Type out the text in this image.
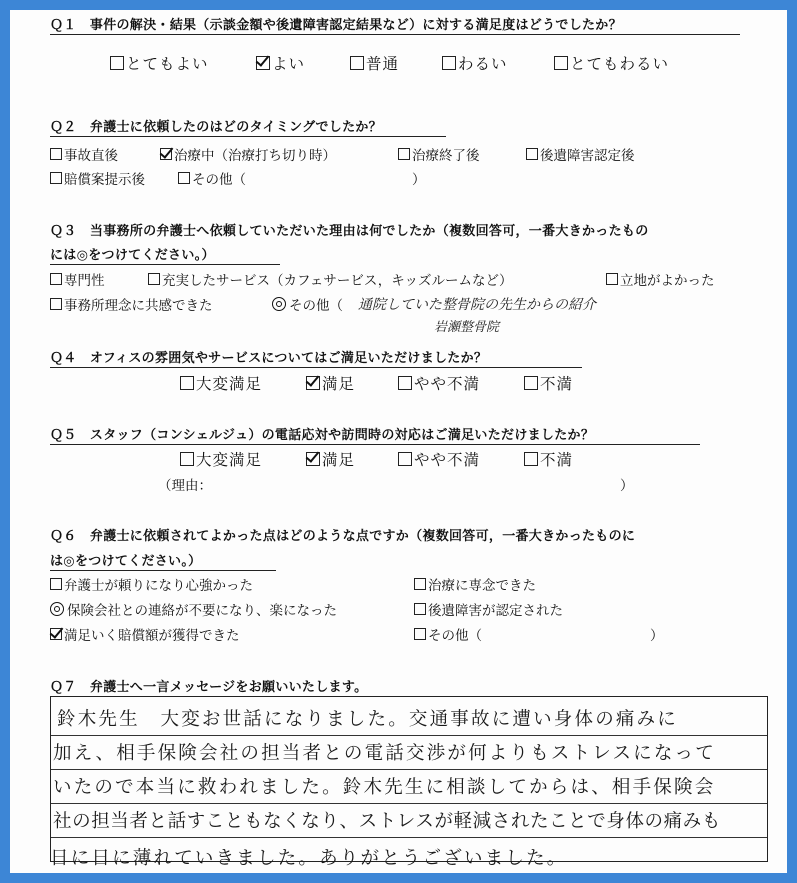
Ｑ１　事件の解決・結果（示談金額や後遺障害認定結果など）に対する満足度はどうでしたか？
とてもよい	よい	普通	わるい	とてもわるい
Ｑ２　弁護士に依頼したのはどのタイミングでしたか？
事故直後	治療中（治療打ち切り時）	治療終了後	後遺障害認定後
賠償案提示後	その他（	）
Ｑ３　当事務所の弁護士へ依頼していただいた理由は何でしたか（複数回答可，一番大きかったもの
には◎をつけてください。）
専門性	充実したサービス（カフェサービス，キッズルームなど）	立地がよかった
事務所理念に共感できた	その他（ 通院していた整骨院の先生からの紹介
岩瀬整骨院
Ｑ４　オフィスの雰囲気やサービスについてはご満足いただけましたか？
大変満足	満足	やや不満	不満
Ｑ５　スタッフ（コンシェルジュ）の電話応対や訪問時の対応はご満足いただけましたか？
大変満足	満足	やや不満	不満
（理由：	）
Ｑ６　弁護士に依頼されてよかった点はどのような点ですか（複数回答可，一番大きかったものに
は◎をつけてください。）
弁護士が頼りになり心強かった	治療に専念できた
保険会社との連絡が不要になり、楽になった	後遺障害が認定された
満足いく賠償額が獲得できた	その他（	）
Ｑ７　弁護士へ一言メッセージをお願いいたします。
鈴木先生　大変お世話になりました。交通事故に遭い身体の痛みに
加え、相手保険会社の担当者との電話交渉が何よりもストレスになって
いたので本当に救われました。鈴木先生に相談してからは、相手保険会
社の担当者と話すこともなくなり、ストレスが軽減されたことで身体の痛みも
日に日に薄れていきました。ありがとうございました。
